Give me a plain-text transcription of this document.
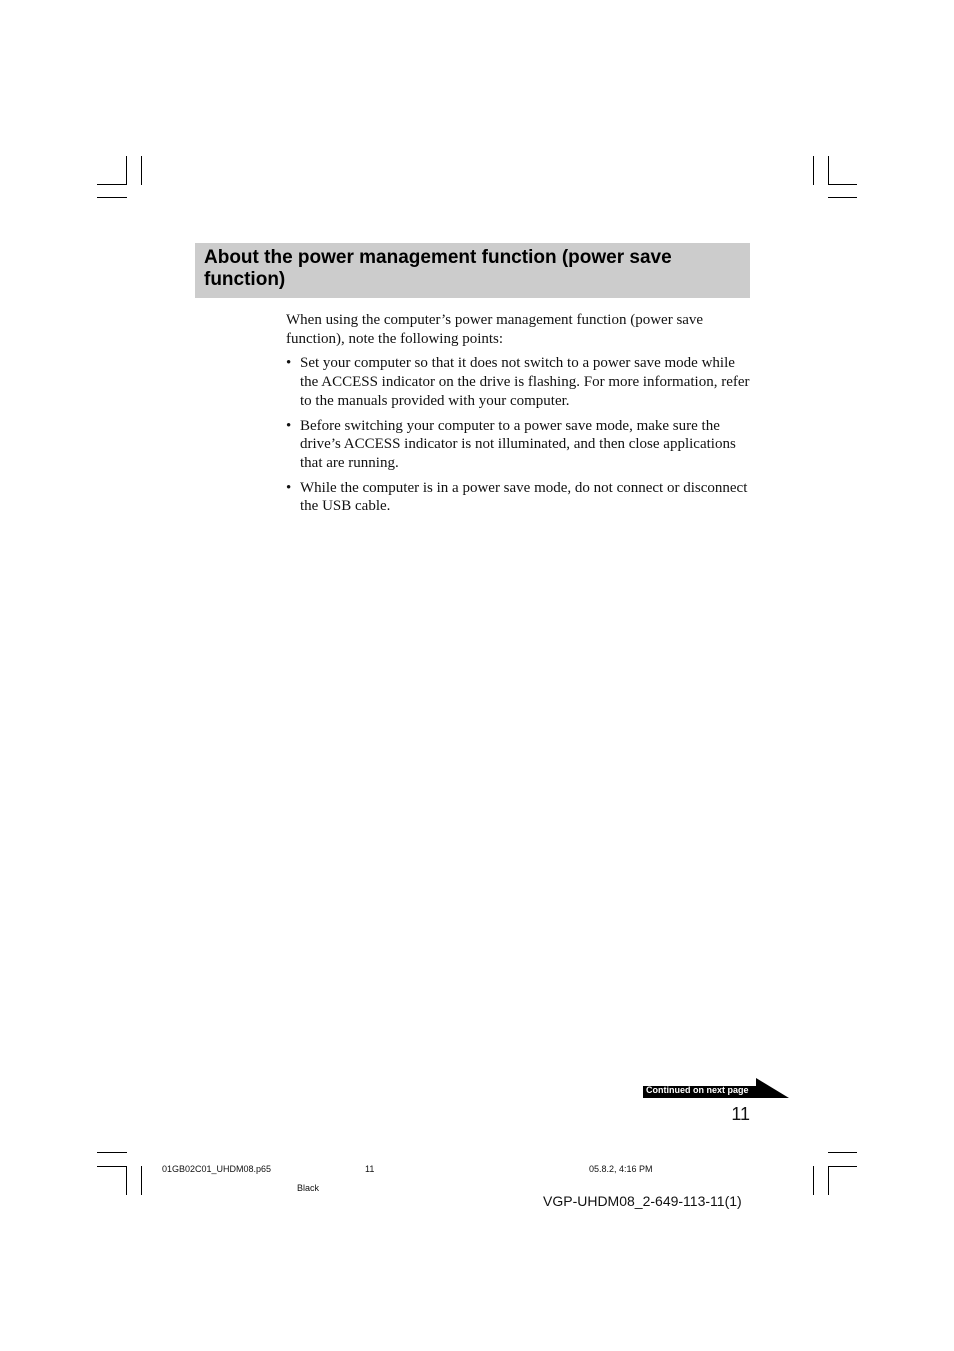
About the power management function (power save function)

When using the computer’s power management function (power save function), note the following points:

• Set your computer so that it does not switch to a power save mode while the ACCESS indicator on the drive is flashing. For more information, refer to the manuals provided with your computer.
• Before switching your computer to a power save mode, make sure the drive’s ACCESS indicator is not illuminated, and then close applications that are running.
• While the computer is in a power save mode, do not connect or disconnect the USB cable.
Continued on next page
11
01GB02C01_UHDM08.p65	11	05.8.2, 4:16 PM
Black
VGP-UHDM08_2-649-113-11(1)
